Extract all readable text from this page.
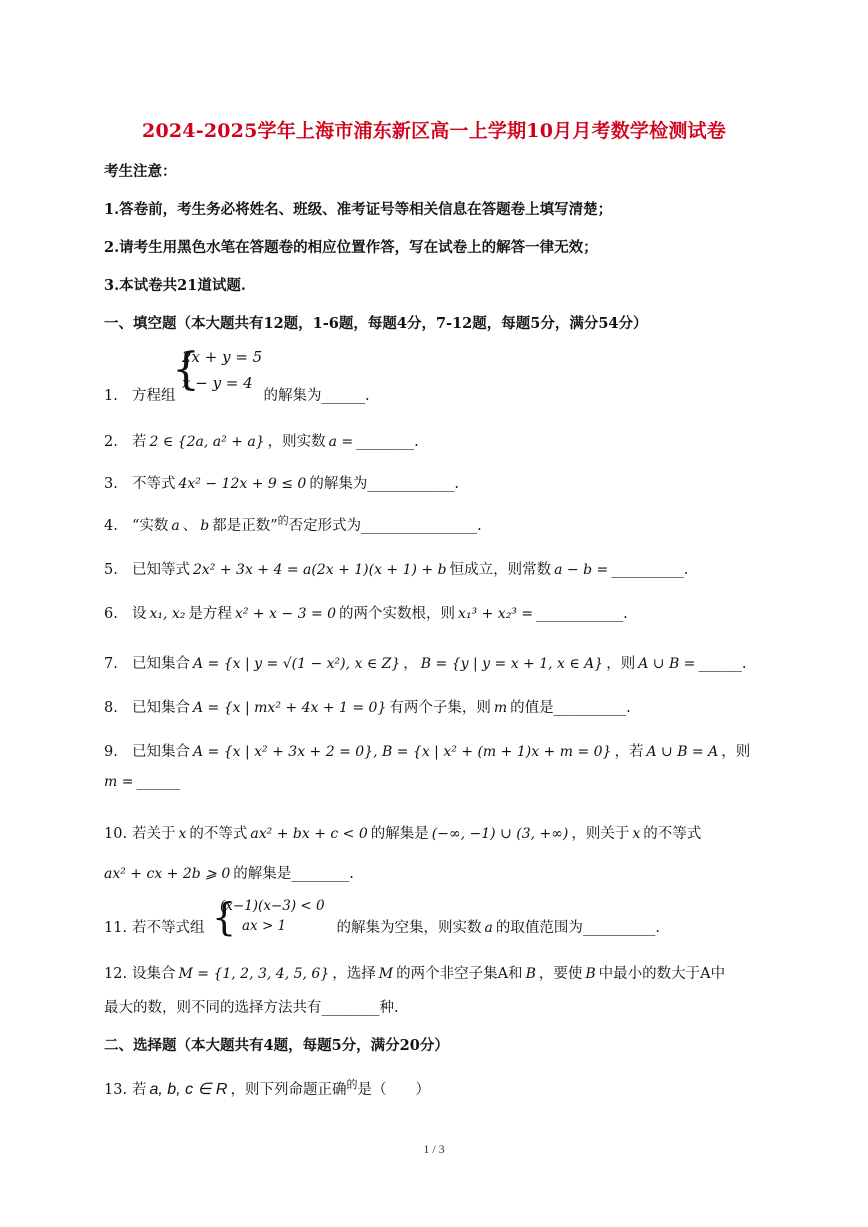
2024-2025学年上海市浦东新区高一上学期10月月考数学检测试卷
考生注意：
1.答卷前，考生务必将姓名、班级、准考证号等相关信息在答题卷上填写清楚；
2.请考生用黑色水笔在答题卷的相应位置作答，写在试卷上的解答一律无效；
3.本试卷共21道试题.
一、填空题（本大题共有12题，1-6题，每题4分，7-12题，每题5分，满分54分）
{
2x + y = 5
x − y = 4
1. 方程组	的解集为______.
2. 若 2 ∈ {2a, a² + a} ，则实数 a = ________.
3. 不等式 4x² − 12x + 9 ≤ 0 的解集为____________.
4. “实数 a 、 b 都是正数”$^的$否定形式为________________.
5. 已知等式 2x² + 3x + 4 = a(2x + 1)(x + 1) + b 恒成立，则常数 a − b = __________.
6. 设 x₁, x₂ 是方程 x² + x − 3 = 0 的两个实数根，则 x₁³ + x₂³ = ____________.
7. 已知集合 A = {x | y = √(1 − x²), x ∈ Z} ， B = {y | y = x + 1, x ∈ A} ，则 A ∪ B = ______.
8. 已知集合 A = {x | mx² + 4x + 1 = 0} 有两个子集，则 m 的值是__________.
9. 已知集合 A = {x | x² + 3x + 2 = 0}, B = {x | x² + (m + 1)x + m = 0} ，若 A ∪ B = A ，则
m = ______
10. 若关于 x 的不等式 ax² + bx + c < 0 的解集是 (−∞, −1) ∪ (3, +∞) ，则关于 x 的不等式
ax² + cx + 2b ⩾ 0 的解集是________.
{
(x−1)(x−3) < 0
ax > 1
11. 若不等式组	的解集为空集，则实数 a 的取值范围为__________.
12. 设集合 M = {1, 2, 3, 4, 5, 6} ，选择 M 的两个非空子集A和 B ，要使 B 中最小的数大于A中
最大的数，则不同的选择方法共有________种.
二、选择题（本大题共有4题，每题5分，满分20分）
13. 若 a, b, c ∈ R ，则下列命题正确$^的$是（　　）
1 / 3
